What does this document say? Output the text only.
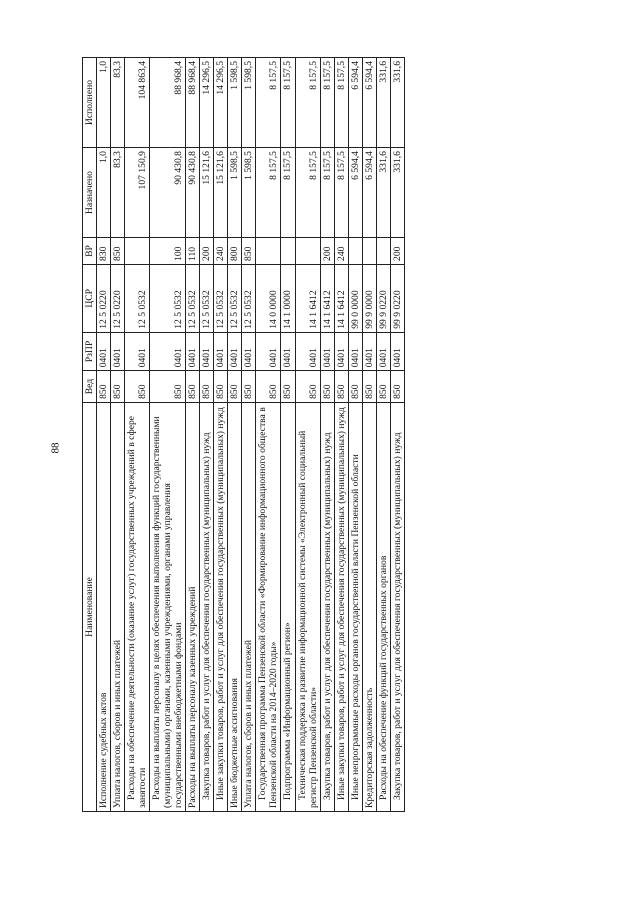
88
Наименование	Вед	РзПР	ЦСР	ВР	Назначено	Исполнено
Исполнение судебных актов	850	0401	12 5 0220	830	1,0	1,0
Уплата налогов, сборов и иных платежей	850	0401	12 5 0220	850	83,3	83,3
Расходы на обеспечение деятельности (оказание услуг) государственных учреждений в сфере занятости	850	0401	12 5 0532		107 150,9	104 863,4
Расходы на выплаты персоналу в целях обеспечения выполнения функций государственными (муниципальными) органами, казенными учреждениями, органами управления государственными внебюджетными фондами	850	0401	12 5 0532	100	90 430,8	88 968,4
Расходы на выплаты персоналу казенных учреждений	850	0401	12 5 0532	110	90 430,8	88 968,4
Закупка товаров, работ и услуг для обеспечения государственных (муниципальных) нужд	850	0401	12 5 0532	200	15 121,6	14 296,5
Иные закупки товаров, работ и услуг для обеспечения государственных (муниципальных) нужд	850	0401	12 5 0532	240	15 121,6	14 296,5
Иные бюджетные ассигнования	850	0401	12 5 0532	800	1 598,5	1 598,5
Уплата налогов, сборов и иных платежей	850	0401	12 5 0532	850	1 598,5	1 598,5
Государственная программа Пензенской области «Формирование информационного общества в Пензенской области на 2014–2020 годы»	850	0401	14 0 0000		8 157,5	8 157,5
Подпрограмма «Информационный регион»	850	0401	14 1 0000		8 157,5	8 157,5
Техническая поддержка и развитие информационной системы «Электронный социальный регистр Пензенской области»	850	0401	14 1 6412		8 157,5	8 157,5
Закупка товаров, работ и услуг для обеспечения государственных (муниципальных) нужд	850	0401	14 1 6412	200	8 157,5	8 157,5
Иные закупки товаров, работ и услуг для обеспечения государственных (муниципальных) нужд	850	0401	14 1 6412	240	8 157,5	8 157,5
Иные непрограммные расходы органов государственной власти Пензенской области	850	0401	99 0 0000		6 594,4	6 594,4
Кредиторская задолженность	850	0401	99 9 0000		6 594,4	6 594,4
Расходы на обеспечение функций государственных органов	850	0401	99 9 0220		331,6	331,6
Закупка товаров, работ и услуг для обеспечения государственных (муниципальных) нужд	850	0401	99 9 0220	200	331,6	331,6
